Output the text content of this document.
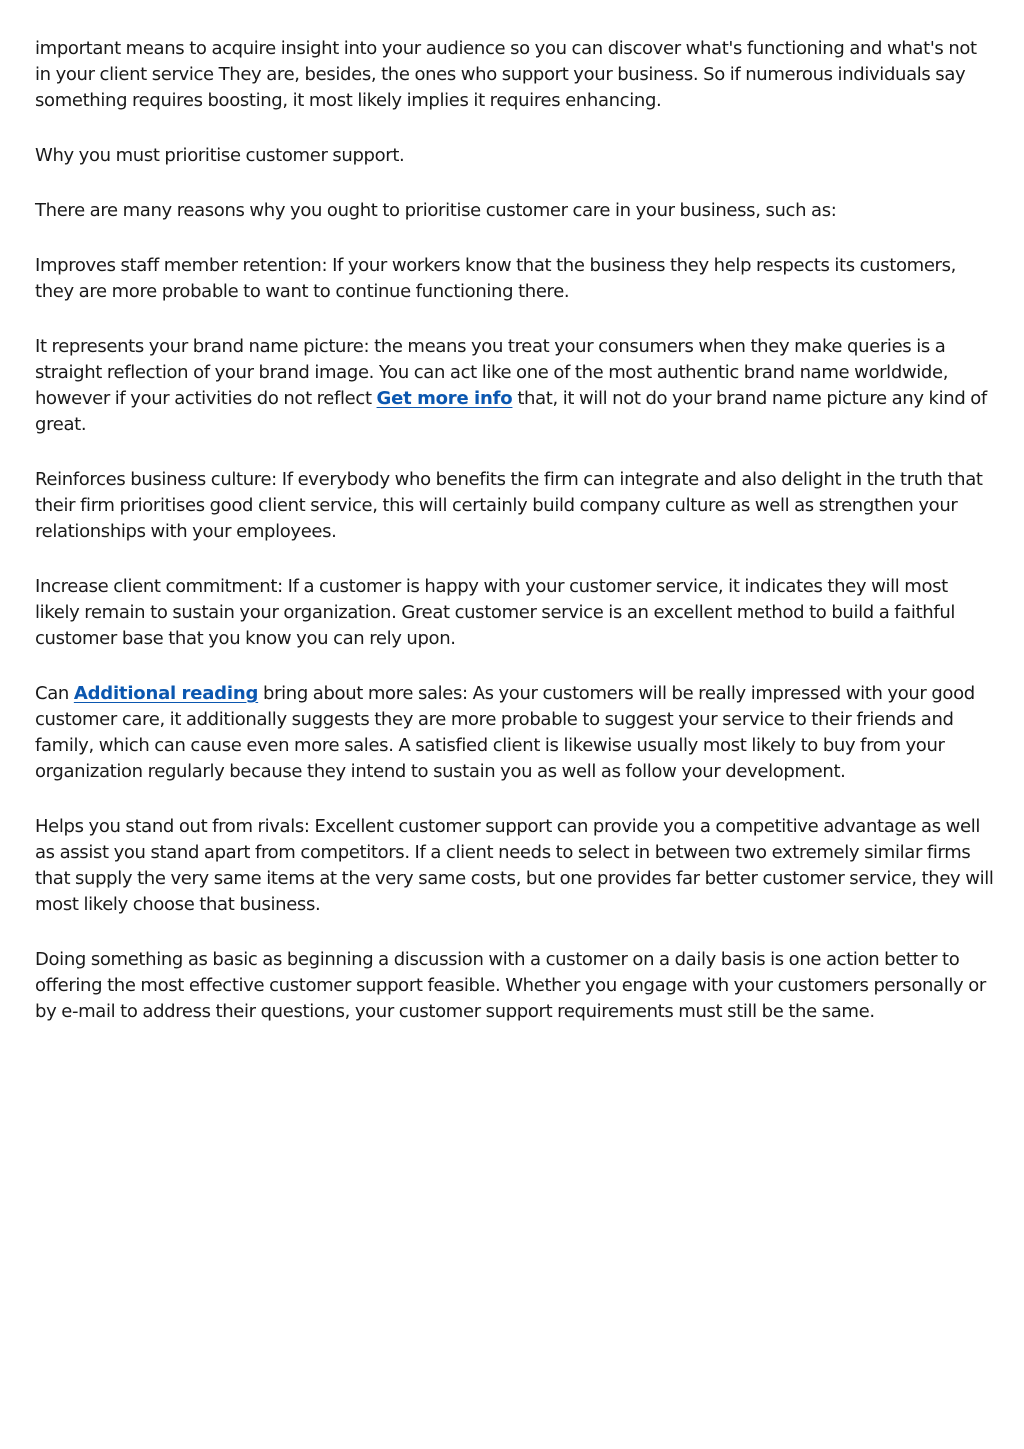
important means to acquire insight into your audience so you can discover what's functioning and what's not in your client service They are, besides, the ones who support your business. So if numerous individuals say something requires boosting, it most likely implies it requires enhancing.

Why you must prioritise customer support.

There are many reasons why you ought to prioritise customer care in your business, such as:

Improves staff member retention: If your workers know that the business they help respects its customers, they are more probable to want to continue functioning there.

It represents your brand name picture: the means you treat your consumers when they make queries is a straight reflection of your brand image. You can act like one of the most authentic brand name worldwide, however if your activities do not reflect Get more info that, it will not do your brand name picture any kind of great.

Reinforces business culture: If everybody who benefits the firm can integrate and also delight in the truth that their firm prioritises good client service, this will certainly build company culture as well as strengthen your relationships with your employees.

Increase client commitment: If a customer is happy with your customer service, it indicates they will most likely remain to sustain your organization. Great customer service is an excellent method to build a faithful customer base that you know you can rely upon.

Can Additional reading bring about more sales: As your customers will be really impressed with your good customer care, it additionally suggests they are more probable to suggest your service to their friends and family, which can cause even more sales. A satisfied client is likewise usually most likely to buy from your organization regularly because they intend to sustain you as well as follow your development.

Helps you stand out from rivals: Excellent customer support can provide you a competitive advantage as well as assist you stand apart from competitors. If a client needs to select in between two extremely similar firms that supply the very same items at the very same costs, but one provides far better customer service, they will most likely choose that business.

Doing something as basic as beginning a discussion with a customer on a daily basis is one action better to offering the most effective customer support feasible. Whether you engage with your customers personally or by e-mail to address their questions, your customer support requirements must still be the same.
